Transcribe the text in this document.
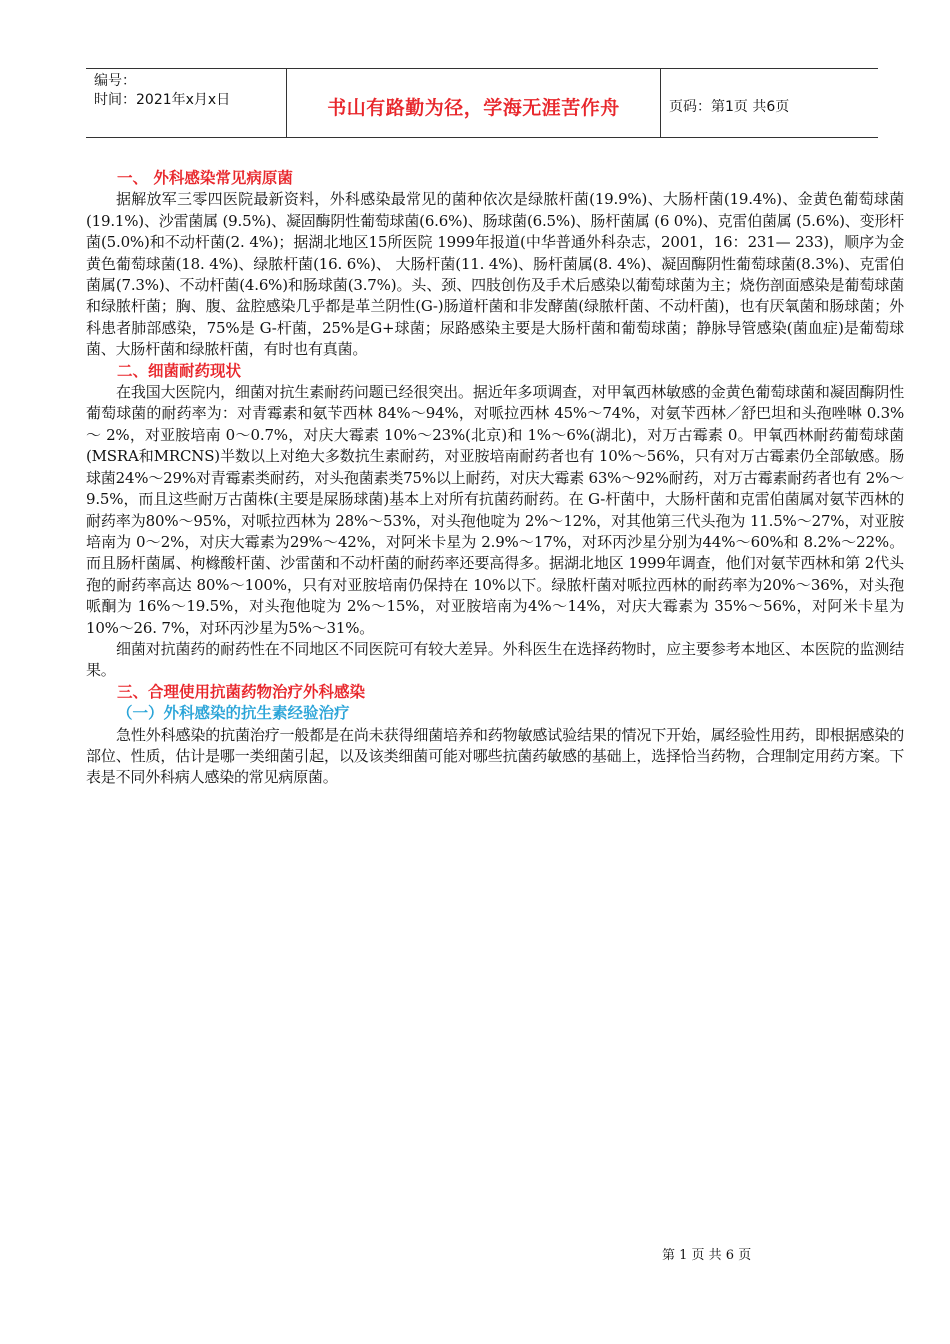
编号：
时间：2021年x月x日	书山有路勤为径，学海无涯苦作舟	页码：第1页 共6页
一、 外科感染常见病原菌

据解放军三零四医院最新资料，外科感染最常见的菌种依次是绿脓杆菌(19.9%)、大肠杆菌(19.4%)、金黄色葡萄球菌(19.1%)、沙雷菌属 (9.5%)、凝固酶阴性葡萄球菌(6.6%)、肠球菌(6.5%)、肠杆菌属 (6 0%)、克雷伯菌属 (5.6%)、变形杆菌(5.0%)和不动杆菌(2. 4%)；据湖北地区15所医院 1999年报道(中华普通外科杂志，2001，16：231— 233)，顺序为金黄色葡萄球菌(18. 4%)、绿脓杆菌(16. 6%)、 大肠杆菌(11. 4%)、肠杆菌属(8. 4%)、凝固酶阴性葡萄球菌(8.3%)、克雷伯菌属(7.3%)、不动杆菌(4.6%)和肠球菌(3.7%)。头、颈、四肢创伤及手术后感染以葡萄球菌为主；烧伤剖面感染是葡萄球菌和绿脓杆菌；胸、腹、盆腔感染几乎都是革兰阴性(G-)肠道杆菌和非发酵菌(绿脓杆菌、不动杆菌)，也有厌氧菌和肠球菌；外科患者肺部感染，75%是 G-杆菌，25%是G+球菌；尿路感染主要是大肠杆菌和葡萄球菌；静脉导管感染(菌血症)是葡萄球菌、大肠杆菌和绿脓杆菌，有时也有真菌。

二、细菌耐药现状

在我国大医院内，细菌对抗生素耐药问题已经很突出。据近年多项调查，对甲氧西林敏感的金黄色葡萄球菌和凝固酶阴性葡萄球菌的耐药率为：对青霉素和氨苄西林 84%～94%，对哌拉西林 45%～74%，对氨苄西林／舒巴坦和头孢唑啉 0.3%～ 2%，对亚胺培南 0～0.7%，对庆大霉素 10%～23%(北京)和 1%～6%(湖北)，对万古霉素 0。甲氧西林耐药葡萄球菌(MSRA和MRCNS)半数以上对绝大多数抗生素耐药，对亚胺培南耐药者也有 10%～56%，只有对万古霉素仍全部敏感。肠球菌24%～29%对青霉素类耐药，对头孢菌素类75%以上耐药，对庆大霉素 63%～92%耐药，对万古霉素耐药者也有 2%～9.5%，而且这些耐万古菌株(主要是屎肠球菌)基本上对所有抗菌药耐药。在 G-杆菌中，大肠杆菌和克雷伯菌属对氨苄西林的耐药率为80%～95%，对哌拉西林为 28%～53%，对头孢他啶为 2%～12%，对其他第三代头孢为 11.5%～27%，对亚胺培南为 0～2%，对庆大霉素为29%～42%，对阿米卡星为 2.9%～17%，对环丙沙星分别为44%～60%和 8.2%～22%。而且肠杆菌属、枸橼酸杆菌、沙雷菌和不动杆菌的耐药率还要高得多。据湖北地区 1999年调查，他们对氨苄西林和第 2代头孢的耐药率高达 80%～100%，只有对亚胺培南仍保持在 10%以下。绿脓杆菌对哌拉西林的耐药率为20%～36%，对头孢哌酮为 16%～19.5%，对头孢他啶为 2%～15%，对亚胺培南为4%～14%，对庆大霉素为 35%～56%，对阿米卡星为 10%～26. 7%，对环丙沙星为5%～31%。

细菌对抗菌药的耐药性在不同地区不同医院可有较大差异。外科医生在选择药物时，应主要参考本地区、本医院的监测结果。

三、合理使用抗菌药物治疗外科感染
（一）外科感染的抗生素经验治疗

急性外科感染的抗菌治疗一般都是在尚未获得细菌培养和药物敏感试验结果的情况下开始，属经验性用药，即根据感染的部位、性质，估计是哪一类细菌引起，以及该类细菌可能对哪些抗菌药敏感的基础上，选择恰当药物，合理制定用药方案。下表是不同外科病人感染的常见病原菌。

第 1 页 共 6 页
